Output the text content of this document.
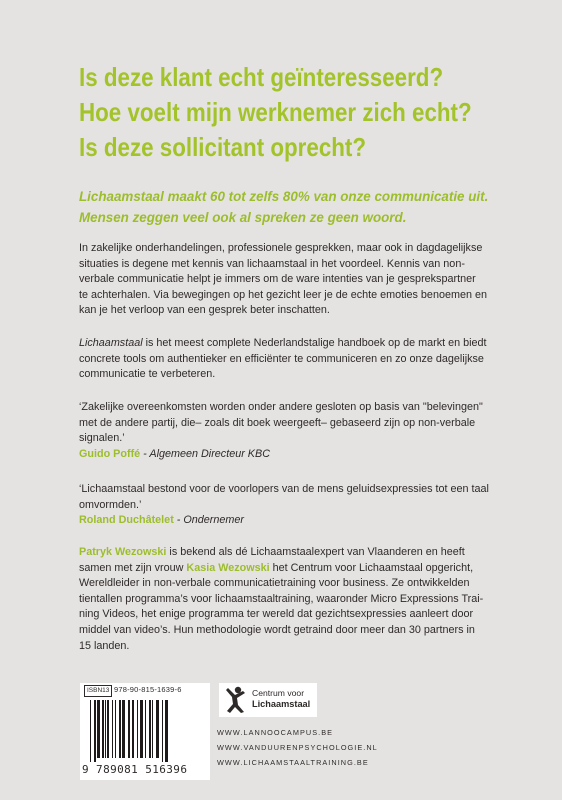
Is deze klant echt geïnteresseerd?
Hoe voelt mijn werknemer zich echt?
Is deze sollicitant oprecht?
Lichaamstaal maakt 60 tot zelfs 80% van onze communicatie uit.
Mensen zeggen veel ook al spreken ze geen woord.
In zakelijke onderhandelingen, professionele gesprekken, maar ook in dagdagelijkse
situaties is degene met kennis van lichaamstaal in het voordeel. Kennis van non-
verbale communicatie helpt je immers om de ware intenties van je gesprekspartner
te achterhalen. Via bewegingen op het gezicht leer je de echte emoties benoemen en
kan je het verloop van een gesprek beter inschatten.
Lichaamstaal is het meest complete Nederlandstalige handboek op de markt en biedt
concrete tools om authentieker en efficiënter te communiceren en zo onze dagelijkse
communicatie te verbeteren.
‘Zakelijke overeenkomsten worden onder andere gesloten op basis van "belevingen"
met de andere partij, die– zoals dit boek weergeeft– gebaseerd zijn op non-verbale
signalen.’
Guido Poffé - Algemeen Directeur KBC
‘Lichaamstaal bestond voor de voorlopers van de mens geluidsexpressies tot een taal
omvormden.’
Roland Duchâtelet - Ondernemer
Patryk Wezowski is bekend als dé Lichaamstaalexpert van Vlaanderen en heeft
samen met zijn vrouw Kasia Wezowski het Centrum voor Lichaamstaal opgericht,
Wereldleider in non-verbale communicatietraining voor business. Ze ontwikkelden
tientallen programma’s voor lichaamstaaltraining, waaronder Micro Expressions Trai-
ning Videos, het enige programma ter wereld dat gezichtsexpressies aanleert door
middel van video’s. Hun methodologie wordt getraind door meer dan 30 partners in
15 landen.
ISBN13 978-90-815-1639-6
9 789081 516396
Centrum voor
Lichaamstaal
WWW.LANNOOCAMPUS.BE
WWW.VANDUURENPSYCHOLOGIE.NL
WWW.LICHAAMSTAALTRAINING.BE
